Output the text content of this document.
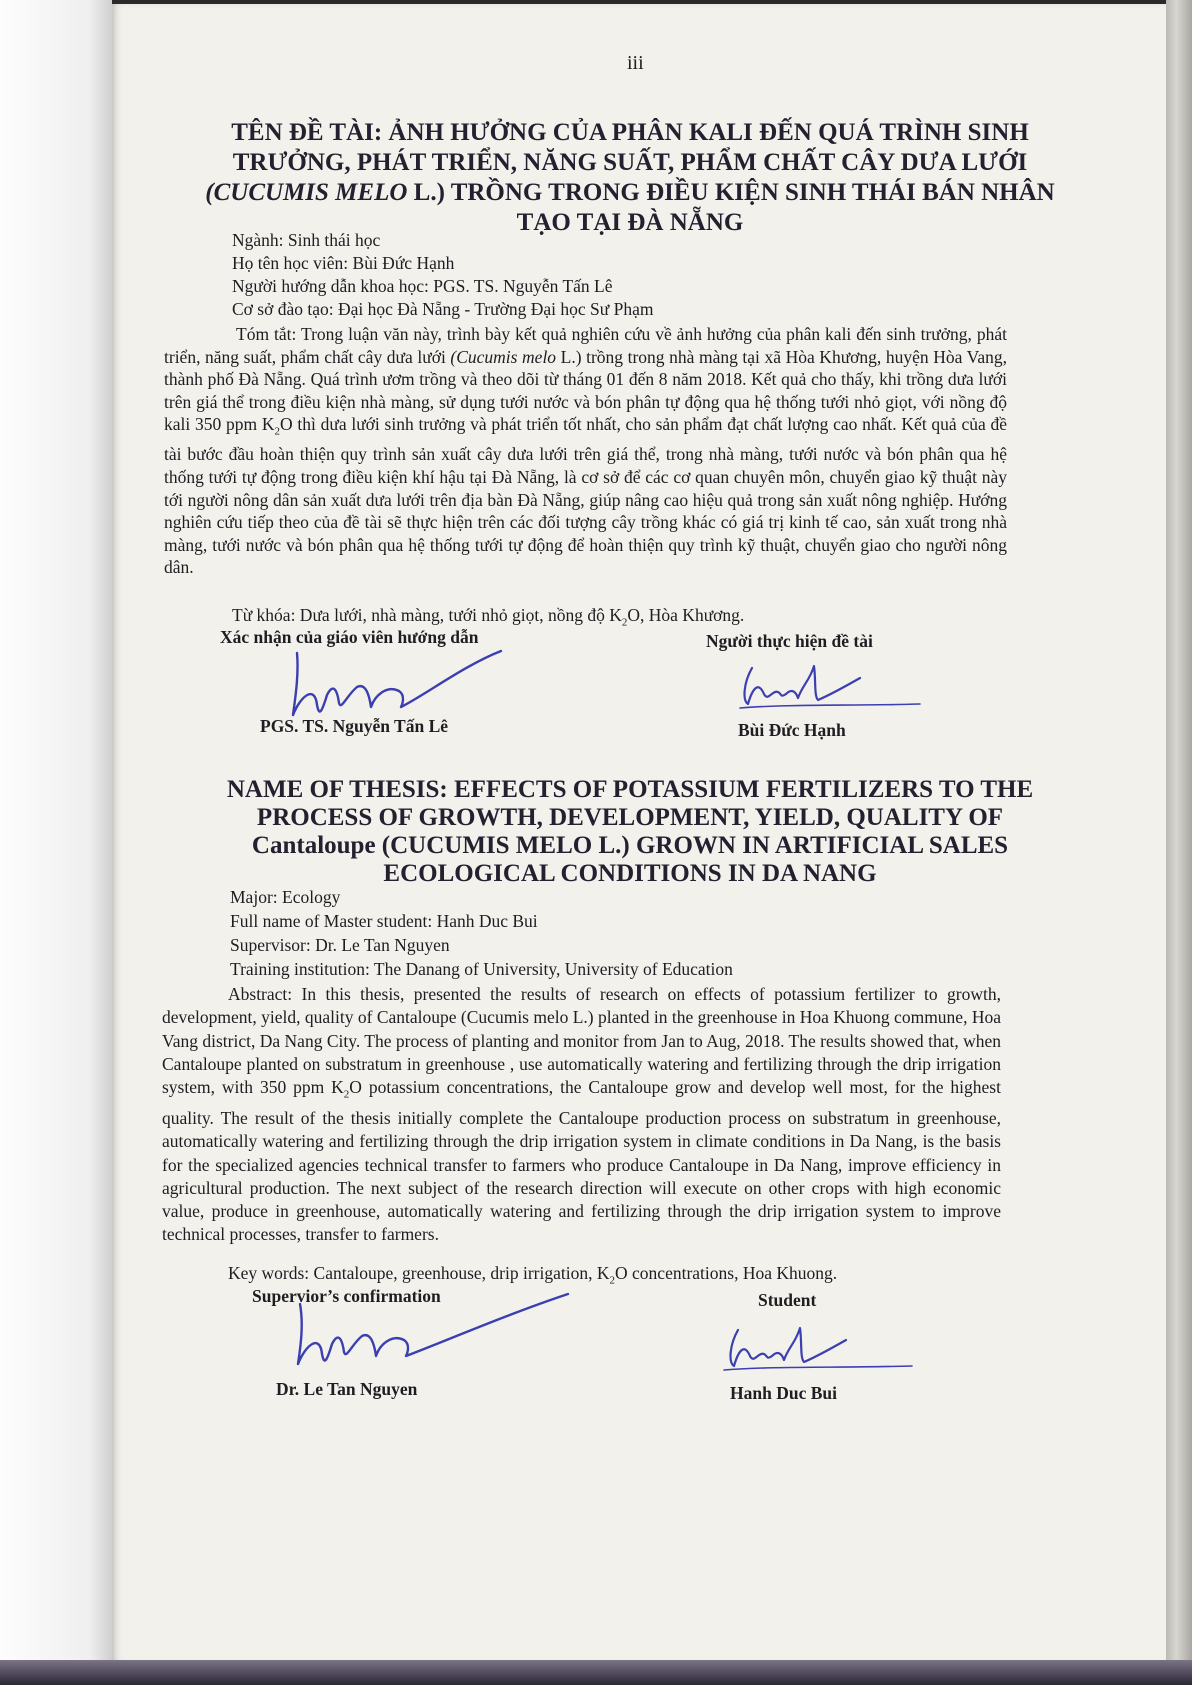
iii
TÊN ĐỀ TÀI: ẢNH HƯỞNG CỦA PHÂN KALI ĐẾN QUÁ TRÌNH SINH
TRƯỞNG, PHÁT TRIỂN, NĂNG SUẤT, PHẨM CHẤT CÂY DƯA LƯỚI
(CUCUMIS MELO L.) TRỒNG TRONG ĐIỀU KIỆN SINH THÁI BÁN NHÂN
TẠO TẠI ĐÀ NẴNG
Ngành: Sinh thái học
Họ tên học viên: Bùi Đức Hạnh
Người hướng dẫn khoa học: PGS. TS. Nguyễn Tấn Lê
Cơ sở đào tạo: Đại học Đà Nẵng - Trường Đại học Sư Phạm
Tóm tắt: Trong luận văn này, trình bày kết quả nghiên cứu về ảnh hưởng của phân kali đến sinh trưởng, phát triển, năng suất, phẩm chất cây dưa lưới (Cucumis melo L.) trồng trong nhà màng tại xã Hòa Khương, huyện Hòa Vang, thành phố Đà Nẵng. Quá trình ươm trồng và theo dõi từ tháng 01 đến 8 năm 2018. Kết quả cho thấy, khi trồng dưa lưới trên giá thể trong điều kiện nhà màng, sử dụng tưới nước và bón phân tự động qua hệ thống tưới nhỏ giọt, với nồng độ kali 350 ppm $K_2O$ thì dưa lưới sinh trưởng và phát triển tốt nhất, cho sản phẩm đạt chất lượng cao nhất. Kết quả của đề tài bước đầu hoàn thiện quy trình sản xuất cây dưa lưới trên giá thể, trong nhà màng, tưới nước và bón phân qua hệ thống tưới tự động trong điều kiện khí hậu tại Đà Nẵng, là cơ sở để các cơ quan chuyên môn, chuyển giao kỹ thuật này tới người nông dân sản xuất dưa lưới trên địa bàn Đà Nẵng, giúp nâng cao hiệu quả trong sản xuất nông nghiệp. Hướng nghiên cứu tiếp theo của đề tài sẽ thực hiện trên các đối tượng cây trồng khác có giá trị kinh tế cao, sản xuất trong nhà màng, tưới nước và bón phân qua hệ thống tưới tự động để hoàn thiện quy trình kỹ thuật, chuyển giao cho người nông dân.
Từ khóa: Dưa lưới, nhà màng, tưới nhỏ giọt, nồng độ $K_2O$, Hòa Khương.
Xác nhận của giáo viên hướng dẫn	Người thực hiện đề tài
PGS. TS. Nguyễn Tấn Lê	Bùi Đức Hạnh
NAME OF THESIS: EFFECTS OF POTASSIUM FERTILIZERS TO THE
PROCESS OF GROWTH, DEVELOPMENT, YIELD, QUALITY OF
Cantaloupe (CUCUMIS MELO L.) GROWN IN ARTIFICIAL SALES
ECOLOGICAL CONDITIONS IN DA NANG
Major: Ecology
Full name of Master student: Hanh Duc Bui
Supervisor: Dr. Le Tan Nguyen
Training institution: The Danang of University, University of Education
Abstract: In this thesis, presented the results of research on effects of potassium fertilizer to growth, development, yield, quality of Cantaloupe (Cucumis melo L.) planted in the greenhouse in Hoa Khuong commune, Hoa Vang district, Da Nang City. The process of planting and monitor from Jan to Aug, 2018. The results showed that, when Cantaloupe planted on substratum in greenhouse , use automatically watering and fertilizing through the drip irrigation system, with 350 ppm $K_2O$ potassium concentrations, the Cantaloupe grow and develop well most, for the highest quality. The result of the thesis initially complete the Cantaloupe production process on substratum in greenhouse, automatically watering and fertilizing through the drip irrigation system in climate conditions in Da Nang, is the basis for the specialized agencies technical transfer to farmers who produce Cantaloupe in Da Nang, improve efficiency in agricultural production. The next subject of the research direction will execute on other crops with high economic value, produce in greenhouse, automatically watering and fertilizing through the drip irrigation system to improve technical processes, transfer to farmers.
Key words: Cantaloupe, greenhouse, drip irrigation, $K_2O$ concentrations, Hoa Khuong.
Supervior’s confirmation	Student
Dr. Le Tan Nguyen	Hanh Duc Bui
